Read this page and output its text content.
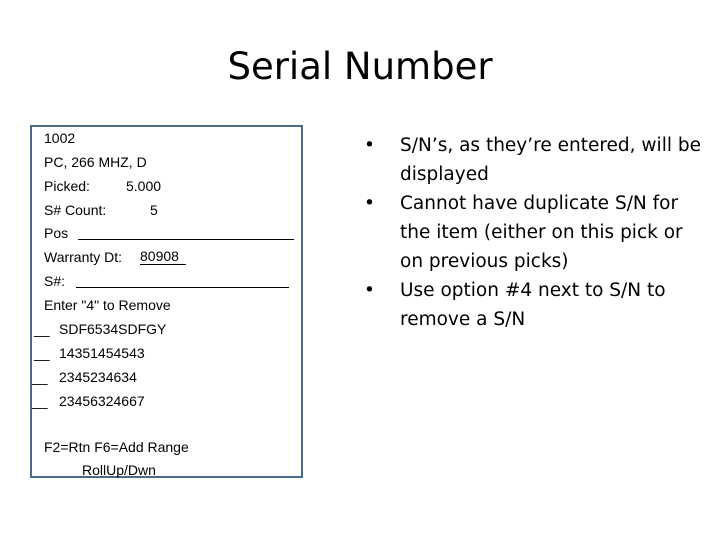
Serial Number
1002
PC, 266 MHZ, D
Picked:	5.000
S# Count:	5
Pos
Warranty Dt: 80908
S#:
Enter "4" to Remove
__ SDF6534SDFGY
__ 14351454543
__ 2345234634
__ 23456324667
F2=Rtn F6=Add Range
RollUp/Dwn
• S/N’s, as they’re entered, will be displayed
• Cannot have duplicate S/N for the item (either on this pick or on previous picks)
• Use option #4 next to S/N to remove a S/N
